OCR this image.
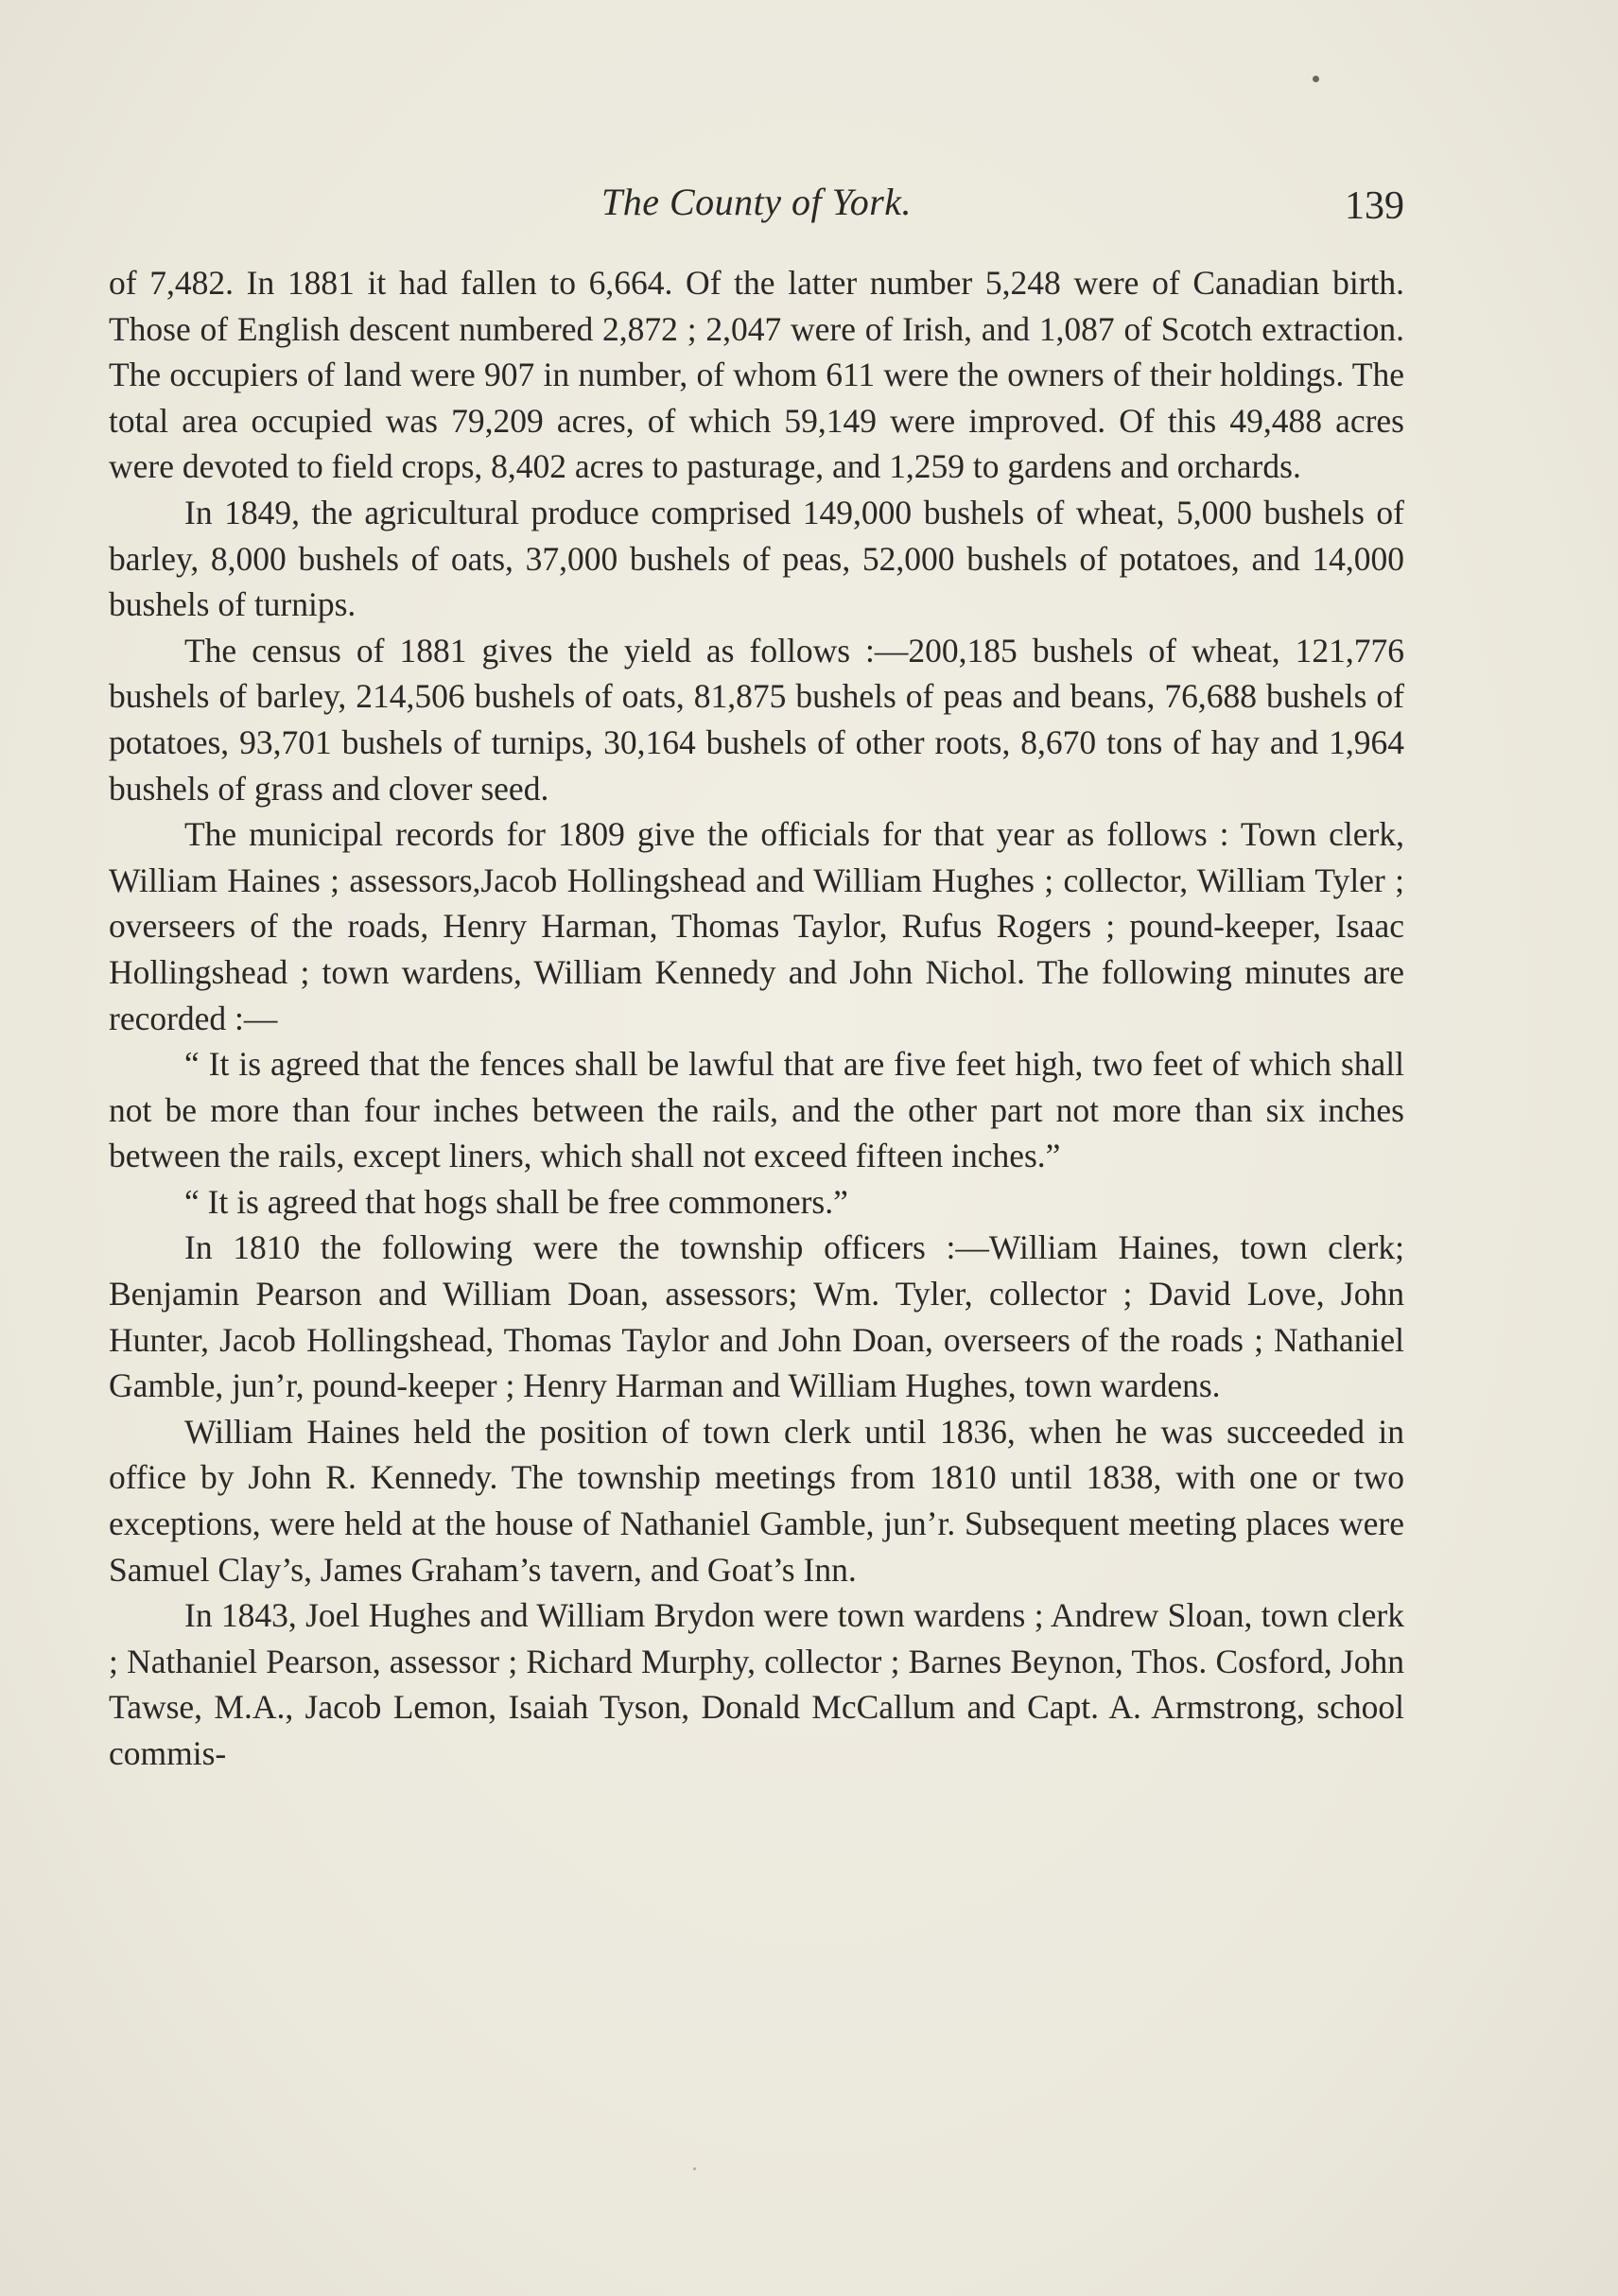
The County of York.	139

of 7,482. In 1881 it had fallen to 6,664. Of the latter number 5,248 were of Canadian birth. Those of English descent numbered 2,872 ; 2,047 were of Irish, and 1,087 of Scotch extraction. The occupiers of land were 907 in number, of whom 611 were the owners of their holdings. The total area occupied was 79,209 acres, of which 59,149 were improved. Of this 49,488 acres were devoted to field crops, 8,402 acres to pasturage, and 1,259 to gardens and orchards.

In 1849, the agricultural produce comprised 149,000 bushels of wheat, 5,000 bushels of barley, 8,000 bushels of oats, 37,000 bushels of peas, 52,000 bushels of potatoes, and 14,000 bushels of turnips.

The census of 1881 gives the yield as follows :—200,185 bushels of wheat, 121,776 bushels of barley, 214,506 bushels of oats, 81,875 bushels of peas and beans, 76,688 bushels of potatoes, 93,701 bushels of turnips, 30,164 bushels of other roots, 8,670 tons of hay and 1,964 bushels of grass and clover seed.

The municipal records for 1809 give the officials for that year as follows : Town clerk, William Haines ; assessors,Jacob Hollingshead and William Hughes ; collector, William Tyler ; overseers of the roads, Henry Harman, Thomas Taylor, Rufus Rogers ; pound-keeper, Isaac Hollingshead ; town wardens, William Kennedy and John Nichol. The following minutes are recorded :—

“ It is agreed that the fences shall be lawful that are five feet high, two feet of which shall not be more than four inches between the rails, and the other part not more than six inches between the rails, except liners, which shall not exceed fifteen inches.”

“ It is agreed that hogs shall be free commoners.”

In 1810 the following were the township officers :—William Haines, town clerk; Benjamin Pearson and William Doan, assessors; Wm. Tyler, collector ; David Love, John Hunter, Jacob Hollingshead, Thomas Taylor and John Doan, overseers of the roads ; Nathaniel Gamble, jun’r, pound-keeper ; Henry Harman and William Hughes, town wardens.

William Haines held the position of town clerk until 1836, when he was succeeded in office by John R. Kennedy. The township meetings from 1810 until 1838, with one or two exceptions, were held at the house of Nathaniel Gamble, jun’r. Subsequent meeting places were Samuel Clay’s, James Graham’s tavern, and Goat’s Inn.

In 1843, Joel Hughes and William Brydon were town wardens ; Andrew Sloan, town clerk ; Nathaniel Pearson, assessor ; Richard Murphy, collector ; Barnes Beynon, Thos. Cosford, John Tawse, M.A., Jacob Lemon, Isaiah Tyson, Donald McCallum and Capt. A. Armstrong, school commis-
